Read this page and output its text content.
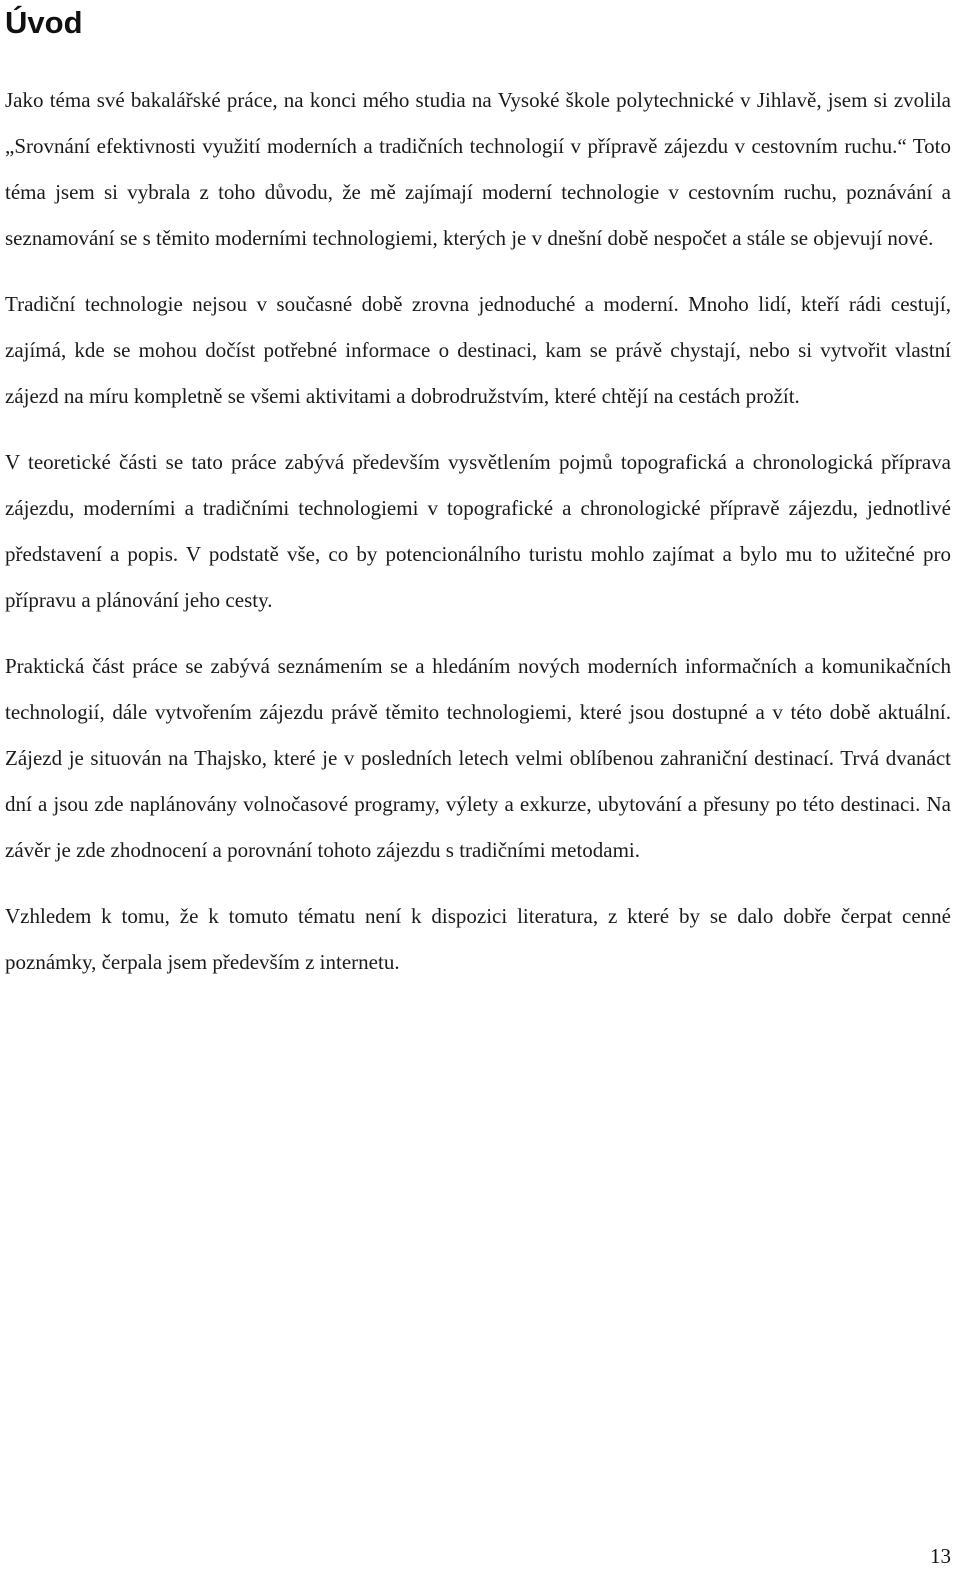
Úvod

Jako téma své bakalářské práce, na konci mého studia na Vysoké škole polytechnické v Jihlavě, jsem si zvolila „Srovnání efektivnosti využití moderních a tradičních technologií v přípravě zájezdu v cestovním ruchu.“ Toto téma jsem si vybrala z toho důvodu, že mě zajímají moderní technologie v cestovním ruchu, poznávání a seznamování se s těmito moderními technologiemi, kterých je v dnešní době nespočet a stále se objevují nové.

Tradiční technologie nejsou v současné době zrovna jednoduché a moderní. Mnoho lidí, kteří rádi cestují, zajímá, kde se mohou dočíst potřebné informace o destinaci, kam se právě chystají, nebo si vytvořit vlastní zájezd na míru kompletně se všemi aktivitami a dobrodružstvím, které chtějí na cestách prožít.

V teoretické části se tato práce zabývá především vysvětlením pojmů topografická a chronologická příprava zájezdu, moderními a tradičními technologiemi v topografické a chronologické přípravě zájezdu, jednotlivé představení a popis. V podstatě vše, co by potencionálního turistu mohlo zajímat a bylo mu to užitečné pro přípravu a plánování jeho cesty.

Praktická část práce se zabývá seznámením se a hledáním nových moderních informačních a komunikačních technologií, dále vytvořením zájezdu právě těmito technologiemi, které jsou dostupné a v této době aktuální. Zájezd je situován na Thajsko, které je v posledních letech velmi oblíbenou zahraniční destinací. Trvá dvanáct dní a jsou zde naplánovány volnočasové programy, výlety a exkurze, ubytování a přesuny po této destinaci. Na závěr je zde zhodnocení a porovnání tohoto zájezdu s tradičními metodami.

Vzhledem k tomu, že k tomuto tématu není k dispozici literatura, z které by se dalo dobře čerpat cenné poznámky, čerpala jsem především z internetu.

13
